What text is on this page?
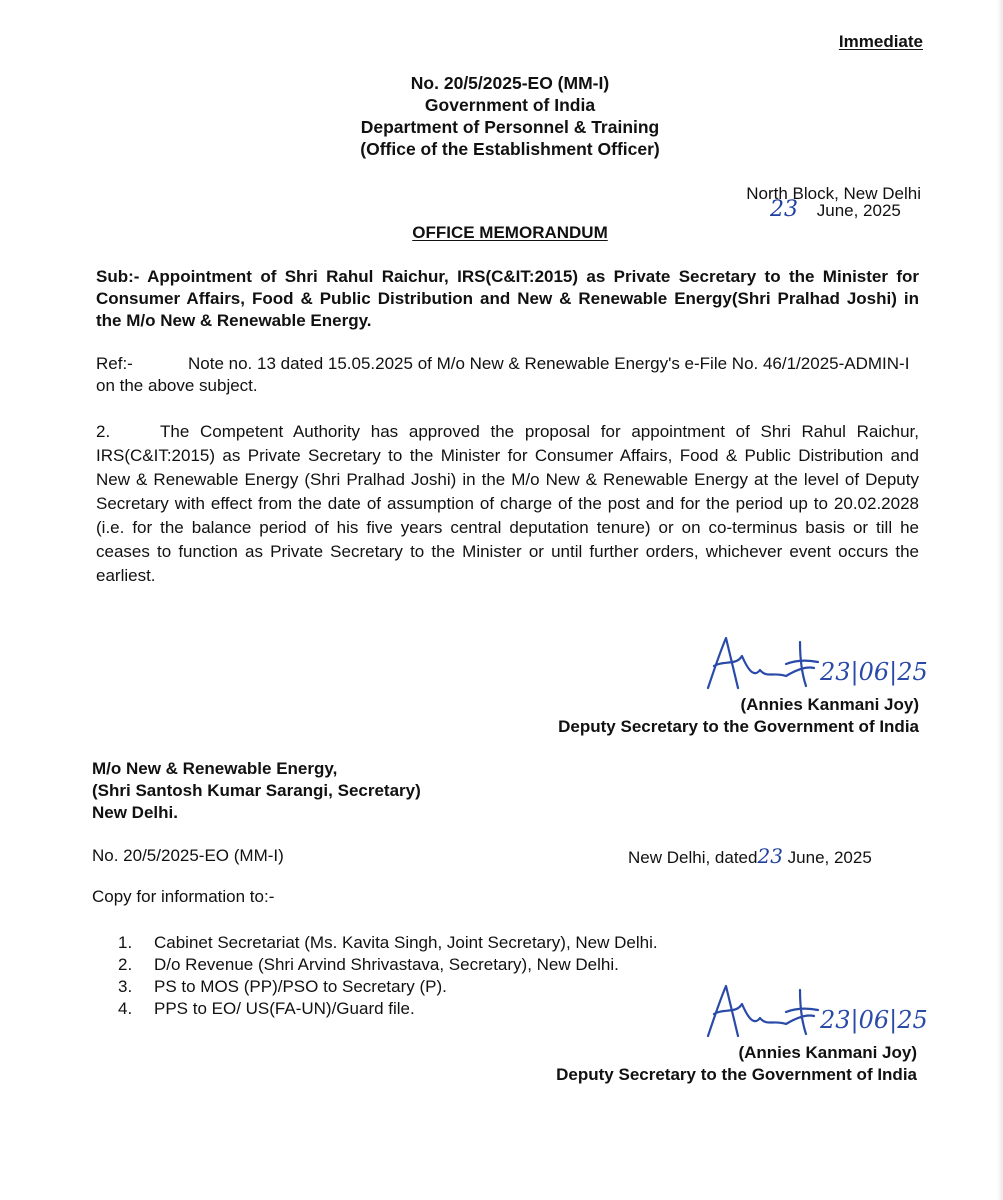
Immediate

No. 20/5/2025-EO (MM-I)
Government of India
Department of Personnel & Training
(Office of the Establishment Officer)

North Block, New Delhi

23 June, 2025

OFFICE MEMORANDUM

Sub:- Appointment of Shri Rahul Raichur, IRS(C&IT:2015) as Private Secretary to the Minister for Consumer Affairs, Food & Public Distribution and New & Renewable Energy(Shri Pralhad Joshi) in the M/o New & Renewable Energy.

Ref:-	Note no. 13 dated 15.05.2025 of M/o New & Renewable Energy's e-File No. 46/1/2025-ADMIN-I on the above subject.

2.	The Competent Authority has approved the proposal for appointment of Shri Rahul Raichur, IRS(C&IT:2015) as Private Secretary to the Minister for Consumer Affairs, Food & Public Distribution and New & Renewable Energy (Shri Pralhad Joshi) in the M/o New & Renewable Energy at the level of Deputy Secretary with effect from the date of assumption of charge of the post and for the period up to 20.02.2028 (i.e. for the balance period of his five years central deputation tenure) or on co-terminus basis or till he ceases to function as Private Secretary to the Minister or until further orders, whichever event occurs the earliest.

23|06|25
(Annies Kanmani Joy)
Deputy Secretary to the Government of India
M/o New & Renewable Energy,
(Shri Santosh Kumar Sarangi, Secretary)
New Delhi.

No. 20/5/2025-EO (MM-I)	New Delhi, dated23 June, 2025

Copy for information to:-

1. Cabinet Secretariat (Ms. Kavita Singh, Joint Secretary), New Delhi.
2. D/o Revenue (Shri Arvind Shrivastava, Secretary), New Delhi.
3. PS to MOS (PP)/PSO to Secretary (P).
4. PPS to EO/ US(FA-UN)/Guard file.	23|06|25
(Annies Kanmani Joy)
Deputy Secretary to the Government of India
